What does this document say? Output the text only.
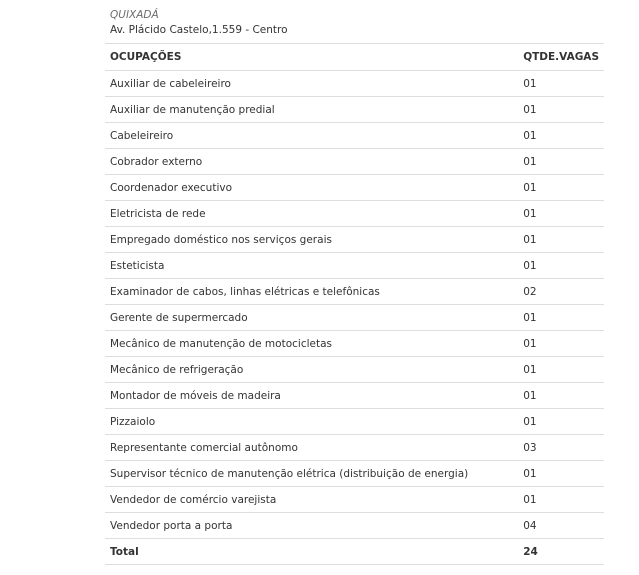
QUIXADÁ
Av. Plácido Castelo,1.559 - Centro
OCUPAÇÕES	QTDE.VAGAS
Auxiliar de cabeleireiro	01
Auxiliar de manutenção predial	01
Cabeleireiro	01
Cobrador externo	01
Coordenador executivo	01
Eletricista de rede	01
Empregado doméstico nos serviços gerais	01
Esteticista	01
Examinador de cabos, linhas elétricas e telefônicas	02
Gerente de supermercado	01
Mecânico de manutenção de motocicletas	01
Mecânico de refrigeração	01
Montador de móveis de madeira	01
Pizzaiolo	01
Representante comercial autônomo	03
Supervisor técnico de manutenção elétrica (distribuição de energia)	01
Vendedor de comércio varejista	01
Vendedor porta a porta	04
Total	24
